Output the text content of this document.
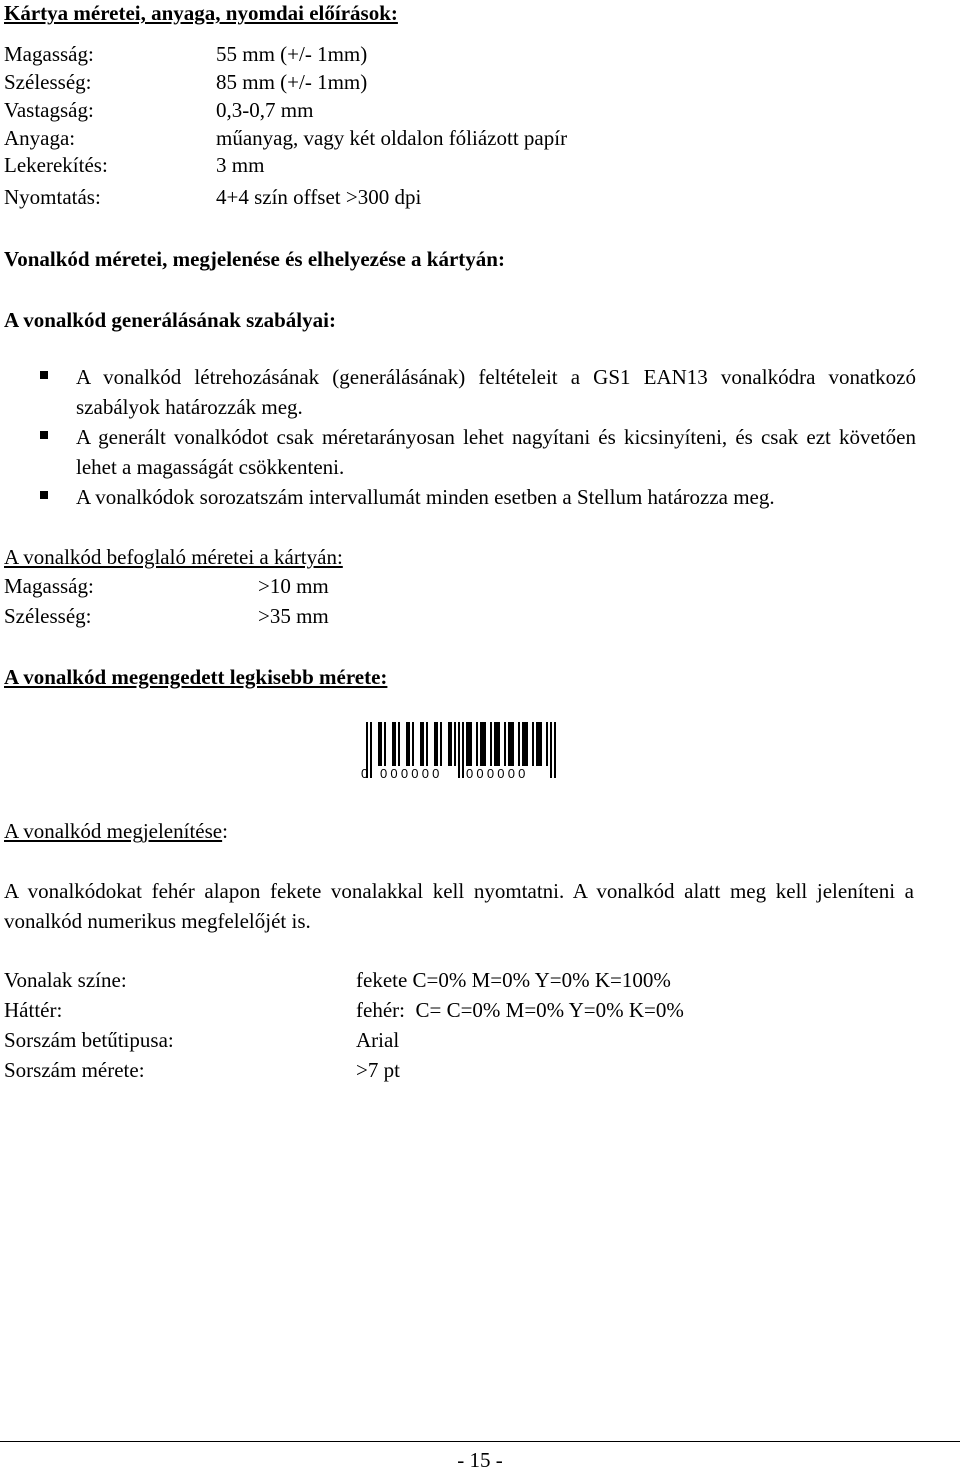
Kártya méretei, anyaga, nyomdai előírások:
Magasság:	55 mm (+/- 1mm)
Szélesség:	85 mm (+/- 1mm)
Vastagság:	0,3-0,7 mm
Anyaga:	műanyag, vagy két oldalon fóliázott papír
Lekerekítés:	3 mm
Nyomtatás:	4+4 szín offset >300 dpi
Vonalkód méretei, megjelenése és elhelyezése a kártyán:
A vonalkód generálásának szabályai:
A vonalkód létrehozásának (generálásának) feltételeit a GS1 EAN13 vonalkódra vonatkozó szabályok határozzák meg.
A generált vonalkódot csak méretarányosan lehet nagyítani és kicsinyíteni, és csak ezt követően lehet a magasságát csökkenteni.
A vonalkódok sorozatszám intervallumát minden esetben a Stellum határozza meg.
A vonalkód befoglaló méretei a kártyán:
Magasság:	>10 mm
Szélesség:	>35 mm
A vonalkód megengedett legkisebb mérete:
0 000000 000000
A vonalkód megjelenítése:
A vonalkódokat fehér alapon fekete vonalakkal kell nyomtatni. A vonalkód alatt meg kell jeleníteni a vonalkód numerikus megfelelőjét is.
Vonalak színe:	fekete C=0% M=0% Y=0% K=100%
Háttér:	fehér:  C= C=0% M=0% Y=0% K=0%
Sorszám betűtipusa:	Arial
Sorszám mérete:	>7 pt
- 15 -
